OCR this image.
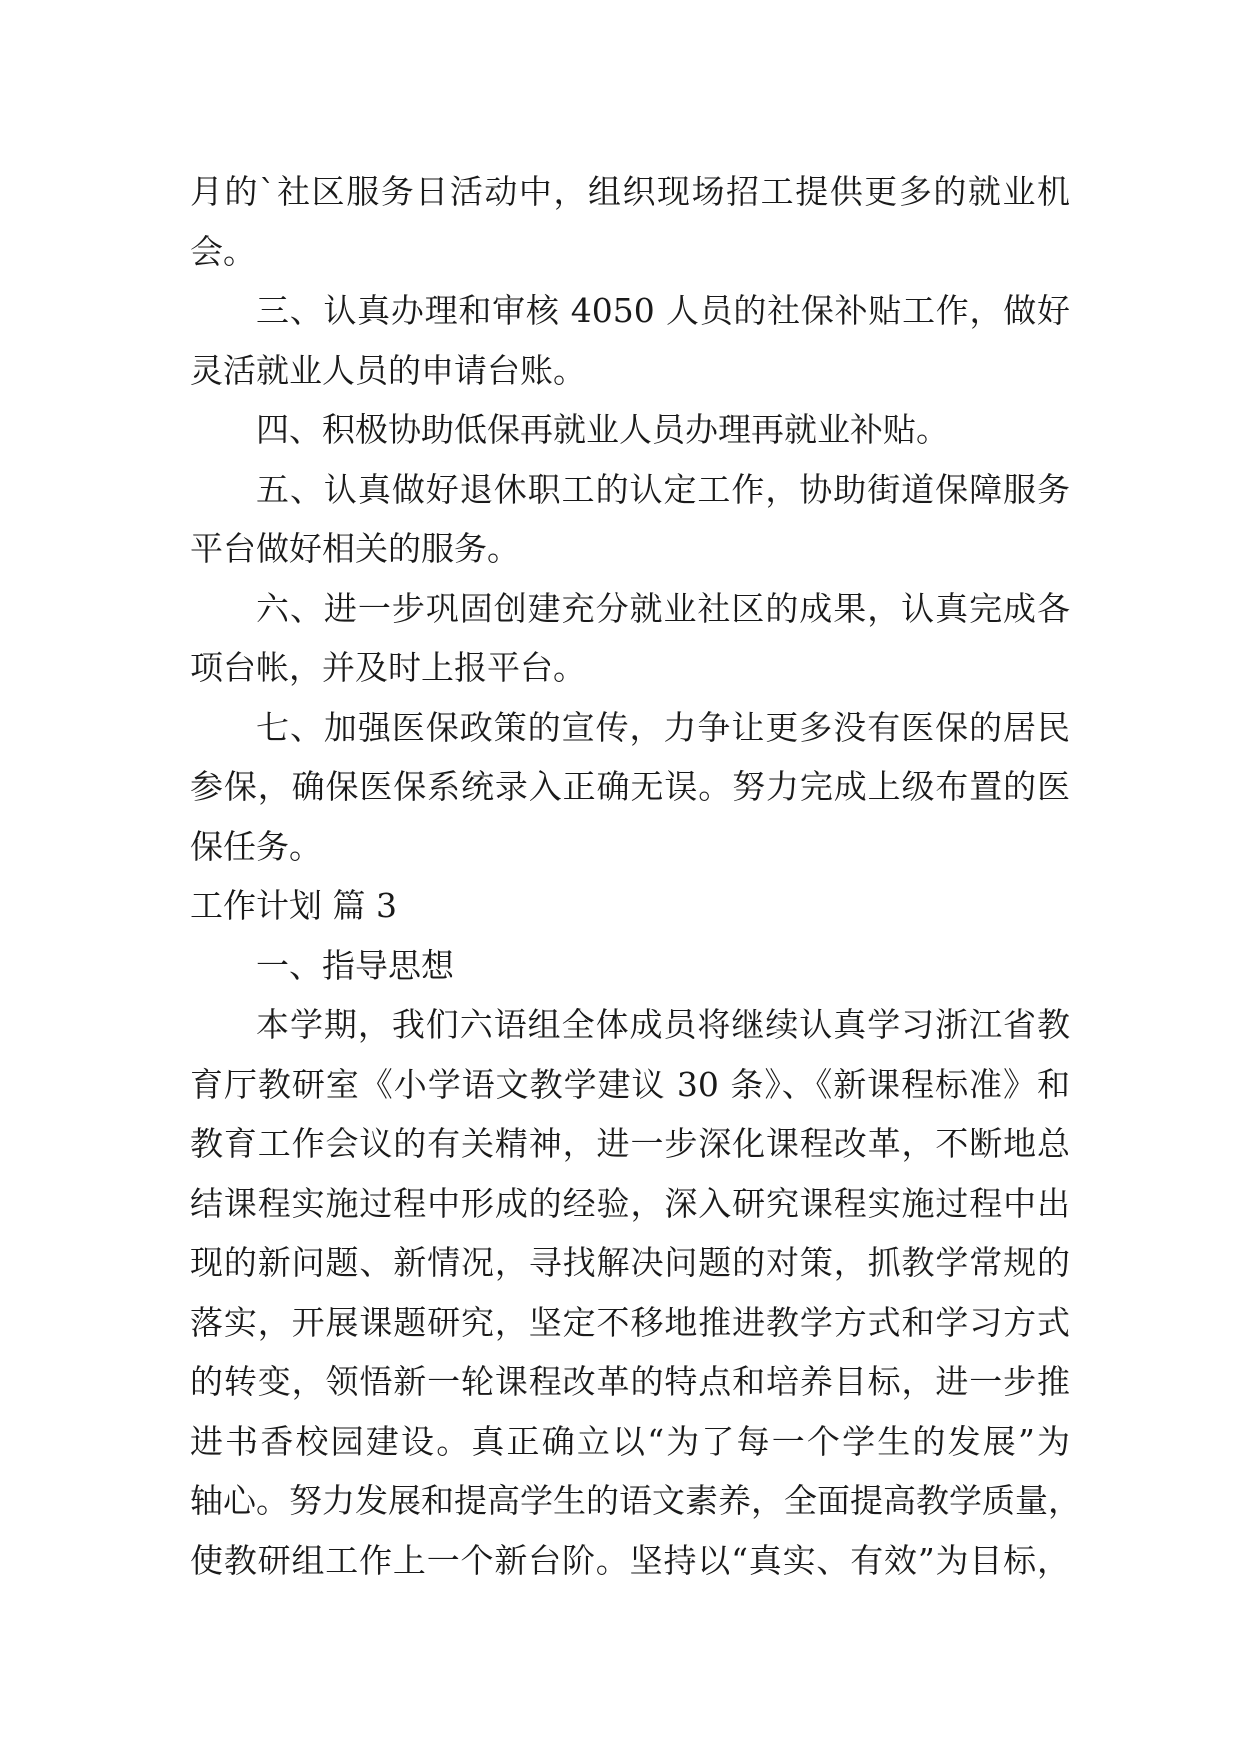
月的`社区服务日活动中，组织现场招工提供更多的就业机
会。
三、认真办理和审核 4050 人员的社保补贴工作，做好
灵活就业人员的申请台账。
四、积极协助低保再就业人员办理再就业补贴。
五、认真做好退休职工的认定工作，协助街道保障服务
平台做好相关的服务。
六、进一步巩固创建充分就业社区的成果，认真完成各
项台帐，并及时上报平台。
七、加强医保政策的宣传，力争让更多没有医保的居民
参保，确保医保系统录入正确无误。努力完成上级布置的医
保任务。
工作计划 篇 3
一、指导思想
本学期，我们六语组全体成员将继续认真学习浙江省教
育厅教研室《小学语文教学建议 30 条》、《新课程标准》和
教育工作会议的有关精神，进一步深化课程改革，不断地总
结课程实施过程中形成的经验，深入研究课程实施过程中出
现的新问题、新情况，寻找解决问题的对策，抓教学常规的
落实，开展课题研究，坚定不移地推进教学方式和学习方式
的转变，领悟新一轮课程改革的特点和培养目标，进一步推
进书香校园建设。真正确立以“为了每一个学生的发展”为
轴心。努力发展和提高学生的语文素养，全面提高教学质量，
使教研组工作上一个新台阶。坚持以“真实、有效”为目标，
